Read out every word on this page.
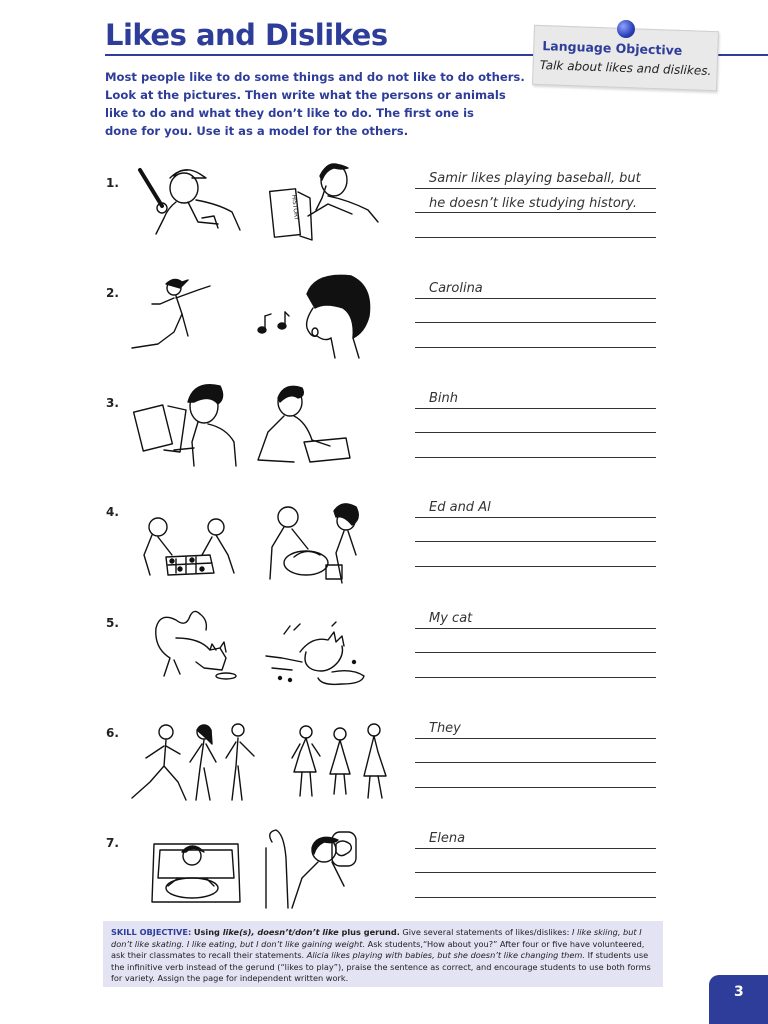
Likes and Dislikes	Language Objective
Talk about likes and dislikes.

Most people like to do some things and do not like to do others.
Look at the pictures. Then write what the persons or animals
like to do and what they don’t like to do. The first one is
done for you. Use it as a model for the others.

1.
HISTORY
Samir likes playing baseball, but
he doesn’t like studying history.
2.	Carolina
3.	Binh
4.	Ed and Al
5.	My cat
6.	They
7.	Elena
SKILL OBJECTIVE: Using like(s), doesn’t/don’t like plus gerund. Give several statements of likes/dislikes: I like skiing, but I don’t like skating. I like eating, but I don’t like gaining weight. Ask students,“How about you?” After four or five have volunteered, ask their classmates to recall their statements. Alicia likes playing with babies, but she doesn’t like changing them. If students use the infinitive verb instead of the gerund (“likes to play”), praise the sentence as correct, and encourage students to use both forms for variety. Assign the page for independent written work.
3
